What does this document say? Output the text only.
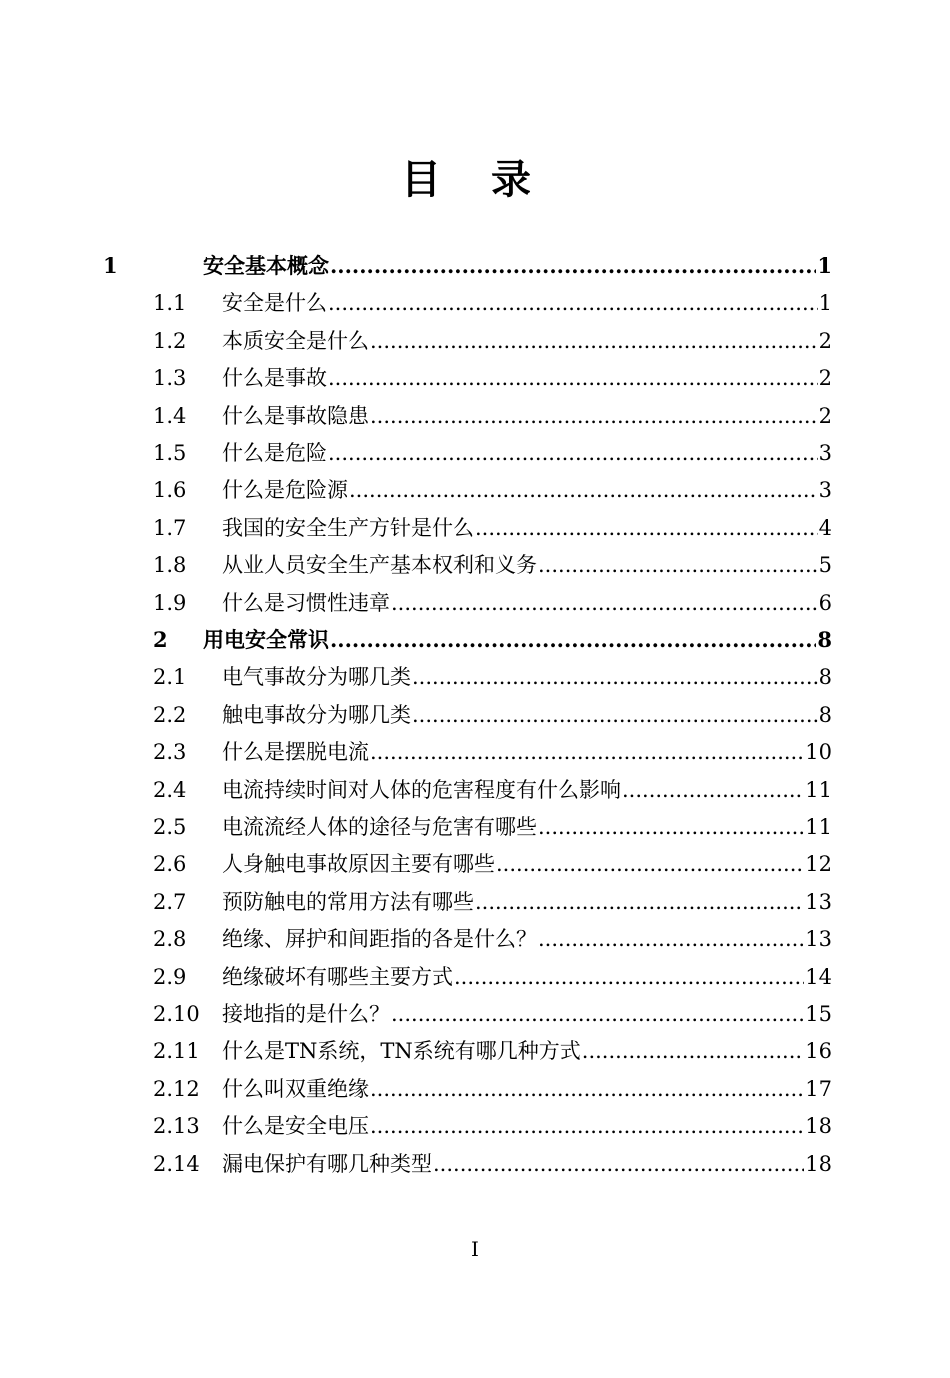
目 录
1	安全基本概念 .....	1
1.1	安全是什么 .....	1
1.2	本质安全是什么 .....	2
1.3	什么是事故 .....	2
1.4	什么是事故隐患 .....	2
1.5	什么是危险 .....	3
1.6	什么是危险源 .....	3
1.7	我国的安全生产方针是什么 .....	4
1.8	从业人员安全生产基本权利和义务 .....	5
1.9	什么是习惯性违章 .....	6
2	用电安全常识 .....	8
2.1	电气事故分为哪几类 .....	8
2.2	触电事故分为哪几类 .....	8
2.3	什么是摆脱电流 .....	10
2.4	电流持续时间对人体的危害程度有什么影响 .....	11
2.5	电流流经人体的途径与危害有哪些 .....	11
2.6	人身触电事故原因主要有哪些 .....	12
2.7	预防触电的常用方法有哪些 .....	13
2.8	绝缘、屏护和间距指的各是什么？ .....	13
2.9	绝缘破坏有哪些主要方式 .....	14
2.10	接地指的是什么？ .....	15
2.11	什么是TN系统，TN系统有哪几种方式 .....	16
2.12	什么叫双重绝缘 .....	17
2.13	什么是安全电压 .....	18
2.14	漏电保护有哪几种类型 .....	18
I
